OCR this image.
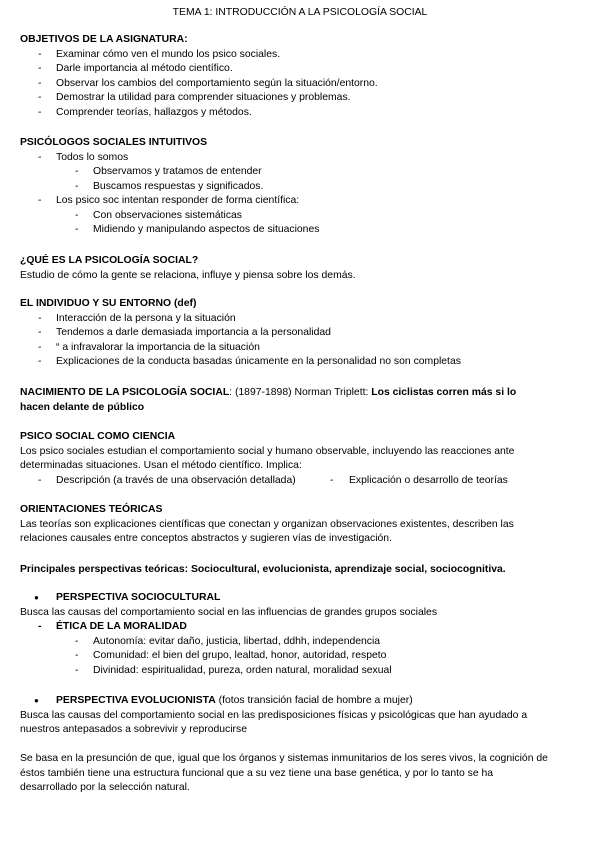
TEMA 1: INTRODUCCIÓN A LA PSICOLOGÍA SOCIAL
OBJETIVOS DE LA ASIGNATURA:
- Examinar cómo ven el mundo los psico sociales.
- Darle importancia al método científico.
- Observar los cambios del comportamiento según la situación/entorno.
- Demostrar la utilidad para comprender situaciones y problemas.
- Comprender teorías, hallazgos y métodos.
PSICÓLOGOS SOCIALES INTUITIVOS
- Todos lo somos
- Observamos y tratamos de entender
- Buscamos respuestas y significados.
- Los psico soc intentan responder de forma científica:
- Con observaciones sistemáticas
- Midiendo y manipulando aspectos de situaciones
¿QUÉ ES LA PSICOLOGÍA SOCIAL?
Estudio de cómo la gente se relaciona, influye y piensa sobre los demás.
EL INDIVIDUO Y SU ENTORNO (def)
- Interacción de la persona y la situación
- Tendemos a darle demasiada importancia a la personalidad
- “ a infravalorar la importancia de la situación
- Explicaciones de la conducta basadas únicamente en la personalidad no son completas
NACIMIENTO DE LA PSICOLOGÍA SOCIAL: (1897-1898) Norman Triplett: Los ciclistas corren más si lo
hacen delante de público
PSICO SOCIAL COMO CIENCIA
Los psico sociales estudian el comportamiento social y humano observable, incluyendo las reacciones ante
determinadas situaciones. Usan el método científico. Implica:
- Descripción (a través de una observación detallada)	- Explicación o desarrollo de teorías
ORIENTACIONES TEÓRICAS
Las teorías son explicaciones científicas que conectan y organizan observaciones existentes, describen las
relaciones causales entre conceptos abstractos y sugieren vías de investigación.
Principales perspectivas teóricas: Sociocultural, evolucionista, aprendizaje social, sociocognitiva.
● PERSPECTIVA SOCIOCULTURAL
Busca las causas del comportamiento social en las influencias de grandes grupos sociales
- ÉTICA DE LA MORALIDAD
- Autonomía: evitar daño, justicia, libertad, ddhh, independencia
- Comunidad: el bien del grupo, lealtad, honor, autoridad, respeto
- Divinidad: espiritualidad, pureza, orden natural, moralidad sexual
● PERSPECTIVA EVOLUCIONISTA (fotos transición facial de hombre a mujer)
Busca las causas del comportamiento social en las predisposiciones físicas y psicológicas que han ayudado a
nuestros antepasados a sobrevivir y reproducirse
Se basa en la presunción de que, igual que los órganos y sistemas inmunitarios de los seres vivos, la cognición de
éstos también tiene una estructura funcional que a su vez tiene una base genética, y por lo tanto se ha
desarrollado por la selección natural.
